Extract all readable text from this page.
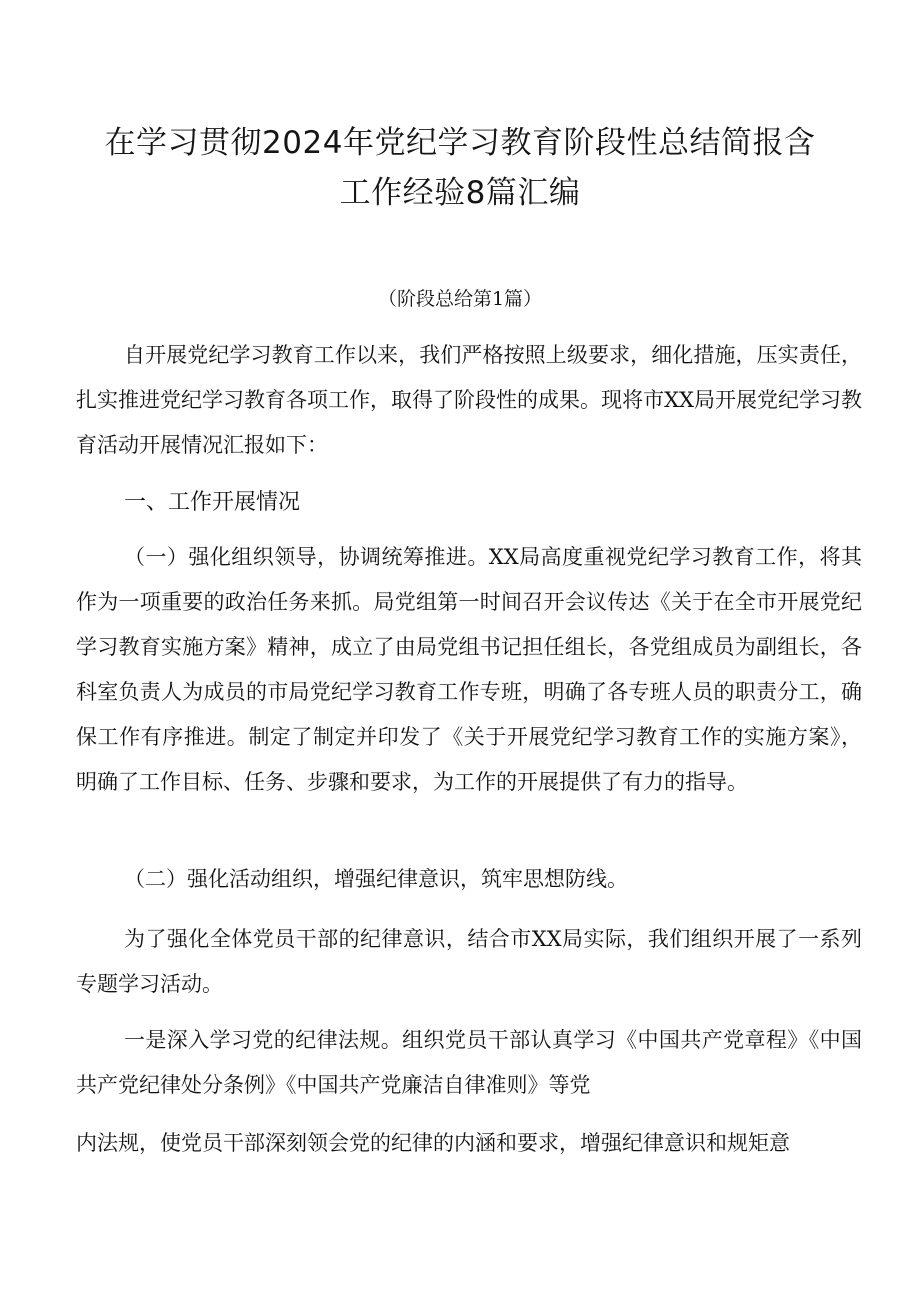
在学习贯彻2024年党纪学习教育阶段性总结简报含
工作经验8篇汇编
（阶段总给第1篇）

自开展党纪学习教育工作以来，我们严格按照上级要求，细化措施，压实责任，扎实推进党纪学习教育各项工作，取得了阶段性的成果。现将市XX局开展党纪学习教育活动开展情况汇报如下：

一、工作开展情况

（一）强化组织领导，协调统筹推进。XX局高度重视党纪学习教育工作，将其作为一项重要的政治任务来抓。局党组第一时间召开会议传达《关于在全市开展党纪学习教育实施方案》精神，成立了由局党组书记担任组长，各党组成员为副组长，各科室负责人为成员的市局党纪学习教育工作专班，明确了各专班人员的职责分工，确保工作有序推进。制定了制定并印发了《关于开展党纪学习教育工作的实施方案》，明确了工作目标、任务、步骤和要求，为工作的开展提供了有力的指导。

（二）强化活动组织，增强纪律意识，筑牢思想防线。

为了强化全体党员干部的纪律意识，结合市XX局实际，我们组织开展了一系列专题学习活动。

一是深入学习党的纪律法规。组织党员干部认真学习《中国共产党章程》《中国共产党纪律处分条例》《中国共产党廉洁自律准则》等党

内法规，使党员干部深刻领会党的纪律的内涵和要求，增强纪律意识和规矩意
